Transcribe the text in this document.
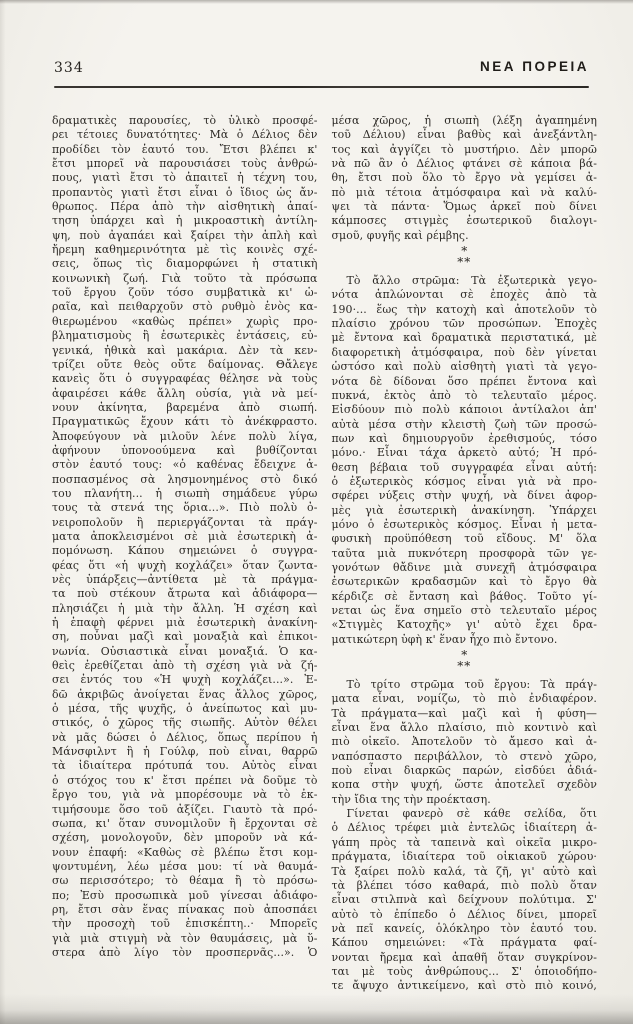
334	ΝΕΑ ΠΟΡΕΙΑ
δραματικὲς παρουσίες, τὸ ὑλικὸ προσφέ-
ρει τέτοιες δυνατότητες· Μὰ ὁ Δέλιος δὲν
προδίδει τὸν ἑαυτό του. Ἔτσι βλέπει κ'
ἔτσι μπορεῖ νὰ παρουσιάσει τοὺς ἀνθρώ-
πους, γιατὶ ἔτσι τὸ ἀπαιτεῖ ἡ τέχνη του,
προπαντὸς γιατὶ ἔτσι εἶναι ὁ ἴδιος ὡς ἄν-
θρωπος. Πέρα ἀπὸ τὴν αἰσθητικὴ ἀπαί-
τηση ὑπάρχει καὶ ἡ μικροαστικὴ ἀντίλη-
ψη, ποὺ ἀγαπάει καὶ ξαίρει τὴν ἁπλὴ καὶ
ἤρεμη καθημερινότητα μὲ τὶς κοινὲς σχέ-
σεις, ὅπως τὶς διαμορφώνει ἡ στατικὴ
κοινωνικὴ ζωή. Γιὰ τοῦτο τὰ πρόσωπα
τοῦ ἔργου ζοῦν τόσο συμβατικὰ κι' ὡ-
ραῖα, καὶ πειθαρχοῦν στὸ ρυθμὸ ἑνὸς κα-
θιερωμένου «καθὼς πρέπει» χωρὶς προ-
βληματισμοὺς ἢ ἐσωτερικὲς ἐντάσεις, εὐ-
γενικά, ἠθικὰ καὶ μακάρια. Δὲν τὰ κεν-
τρίζει οὔτε θεὸς οὔτε δαίμονας. Θἄλεγε
κανεὶς ὅτι ὁ συγγραφέας θέλησε νὰ τοὺς
ἀφαιρέσει κάθε ἄλλη οὐσία, γιὰ νὰ μεί-
νουν ἀκίνητα, βαρεμένα ἀπὸ σιωπή.
Πραγματικῶς ἔχουν κάτι τὸ ἀνέκφραστο.
Ἀποφεύγουν νὰ μιλοῦν λένε πολὺ λίγα,
ἀφήνουν ὑπονοούμενα καὶ βυθίζονται
στὸν ἑαυτό τους: «ὁ καθένας ἔδειχνε ἀ-
ποσπασμένος σὰ λησμονημένος στὸ δικό
του πλανήτη... ἡ σιωπὴ σημάδευε γύρω
τους τὰ στενά της ὅρια...». Πιὸ πολὺ ὀ-
νειροπολοῦν ἢ περιεργάζονται τὰ πράγ-
ματα ἀποκλεισμένοι σὲ μιὰ ἐσωτερικὴ ἀ-
πομόνωση. Κάπου σημειώνει ὁ συγγρα-
φέας ὅτι «ἡ ψυχὴ κοχλάζει» ὅταν ζωντα-
νὲς ὑπάρξεις—ἀντίθετα μὲ τὰ πράγμα-
τα ποὺ στέκουν ἄτρωτα καὶ ἀδιάφορα—
πλησιάζει ἡ μιὰ τὴν ἄλλη. Ἡ σχέση καὶ
ἡ ἐπαφὴ φέρνει μιὰ ἐσωτερικὴ ἀνακίνη-
ση, ποὖναι μαζὶ καὶ μοναξιὰ καὶ ἐπικοι-
νωνία. Οὐσιαστικὰ εἶναι μοναξιά. Ὁ κα-
θεὶς ἐρεθίζεται ἀπὸ τὴ σχέση γιὰ νὰ ζή-
σει ἐντός του «Ἡ ψυχὴ κοχλάζει...». Ἐ-
δῶ ἀκριβῶς ἀνοίγεται ἕνας ἄλλος χῶρος,
ὁ μέσα, τῆς ψυχῆς, ὁ ἀνείπωτος καὶ μυ-
στικός, ὁ χῶρος τῆς σιωπῆς. Αὐτὸν θέλει
νὰ μᾶς δώσει ὁ Δέλιος, ὅπως περίπου ἡ
Μάνσφιλντ ἢ ἡ Γούλφ, ποὺ εἶναι, θαρρῶ
τὰ ἰδιαίτερα πρότυπά του. Αὐτὸς εἶναι
ὁ στόχος του κ' ἔτσι πρέπει νὰ δοῦμε τὸ
ἔργο του, γιὰ νὰ μπορέσουμε νὰ τὸ ἐκ-
τιμήσουμε ὅσο τοῦ ἀξίζει. Γιαυτὸ τὰ πρό-
σωπα, κι' ὅταν συνομιλοῦν ἢ ἔρχονται σὲ
σχέση, μονολογοῦν, δὲν μποροῦν νὰ κά-
νουν ἐπαφή: «Καθὼς σὲ βλέπω ἔτσι κομ-
ψοντυμένη, λέω μέσα μου: τί νὰ θαυμά-
σω περισσότερο; τὸ θέαμα ἢ τὸ πρόσω-
πο; Ἐσὺ προσωπικὰ μοῦ γίνεσαι ἀδιάφο-
ρη, ἔτσι σὰν ἕνας πίνακας ποὺ ἀποσπάει
τὴν προσοχὴ τοῦ ἐπισκέπτη..· Μπορεῖς
γιὰ μιὰ στιγμὴ νὰ τὸν θαυμάσεις, μὰ ὕ-
στερα ἀπὸ λίγο τὸν προσπερνᾶς...». Ὁ
μέσα χῶρος, ἡ σιωπὴ (λέξη ἀγαπημένη
τοῦ Δέλιου) εἶναι βαθὺς καὶ ἀνεξάντλη-
τος καὶ ἀγγίζει τὸ μυστήριο. Δὲν μπορῶ
νὰ πῶ ἂν ὁ Δέλιος φτάνει σὲ κάποια βά-
θη, ἔτσι ποὺ ὅλο τὸ ἔργο νὰ γεμίσει ἀ-
πὸ μιὰ τέτοια ἀτμόσφαιρα καὶ νὰ καλύ-
ψει τὰ πάντα· Ὅμως ἀρκεῖ ποὺ δίνει
κάμποσες στιγμὲς ἐσωτερικοῦ διαλογι-
σμοῦ, φυγῆς καὶ ρέμβης.
*
**
Τὸ ἄλλο στρῶμα: Τὰ ἐξωτερικὰ γεγο-
νότα ἁπλώνονται σὲ ἐποχὲς ἀπὸ τὰ
190·... ἕως τὴν κατοχὴ καὶ ἀποτελοῦν τὸ
πλαίσιο χρόνου τῶν προσώπων. Ἐποχὲς
μὲ ἔντονα καὶ δραματικὰ περιστατικά, μὲ
διαφορετικὴ ἀτμόσφαιρα, ποὺ δὲν γίνεται
ὡστόσο καὶ πολὺ αἰσθητὴ γιατὶ τὰ γεγο-
νότα δὲ δίδοναι ὅσο πρέπει ἔντονα καὶ
πυκνά, ἐκτὸς ἀπὸ τὸ τελευταῖο μέρος.
Εἰσδύουν πιὸ πολὺ κάποιοι ἀντίλαλοι ἀπ'
αὐτὰ μέσα στὴν κλειστὴ ζωὴ τῶν προσώ-
πων καὶ δημιουργοῦν ἐρεθισμούς, τόσο
μόνο.· Εἶναι τάχα ἀρκετὸ αὐτό; Ἡ πρό-
θεση βέβαια τοῦ συγγραφέα εἶναι αὐτή:
ὁ ἐξωτερικὸς κόσμος εἶναι γιὰ νὰ προ-
σφέρει νύξεις στὴν ψυχή, νὰ δίνει ἀφορ-
μὲς γιὰ ἐσωτερικὴ ἀνακίνηση. Ὑπάρχει
μόνο ὁ ἐσωτερικὸς κόσμος. Εἶναι ἡ μετα-
φυσικὴ προϋπόθεση τοῦ εἴδους. Μ' ὅλα
ταῦτα μιὰ πυκνότερη προσφορὰ τῶν γε-
γονότων θἄδινε μιὰ συνεχῆ ἀτμόσφαιρα
ἐσωτερικῶν κραδασμῶν καὶ τὸ ἔργο θὰ
κέρδιζε σὲ ἔνταση καὶ βάθος. Τοῦτο γί-
νεται ὡς ἕνα σημεῖο στὸ τελευταῖο μέρος
«Στιγμὲς Κατοχῆς» γι' αὐτὸ ἔχει δρα-
ματικώτερη ὑφὴ κ' ἕναν ἦχο πιὸ ἔντονο.
*
**
Τὸ τρίτο στρῶμα τοῦ ἔργου: Τὰ πράγ-
ματα εἶναι, νομίζω, τὸ πιὸ ἐνδιαφέρον.
Τὰ πράγματα—καὶ μαζὶ καὶ ἡ φύση—
εἶναι ἕνα ἄλλο πλαίσιο, πιὸ κοντινὸ καὶ
πιὸ οἰκεῖο. Ἀποτελοῦν τὸ ἄμεσο καὶ ἀ-
ναπόσπαστο περιβάλλον, τὸ στενὸ χῶρο,
ποὺ εἶναι διαρκῶς παρών, εἰσδύει ἀδιά-
κοπα στὴν ψυχή, ὥστε ἀποτελεῖ σχεδὸν
τὴν ἴδια της τὴν προέκταση.
Γίνεται φανερὸ σὲ κάθε σελίδα, ὅτι
ὁ Δέλιος τρέφει μιὰ ἐντελῶς ἰδιαίτερη ἀ-
γάπη πρὸς τὰ ταπεινὰ καὶ οἰκεῖα μικρο-
πράγματα, ἰδιαίτερα τοῦ οἰκιακοῦ χώρου·
Τὰ ξαίρει πολὺ καλά, τὰ ζῆ, γι' αὐτὸ καὶ
τὰ βλέπει τόσο καθαρά, πιὸ πολὺ ὅταν
εἶναι στιλπνὰ καὶ δείχνουν πολύτιμα. Σ'
αὐτὸ τὸ ἐπίπεδο ὁ Δέλιος δίνει, μπορεῖ
νὰ πεῖ κανείς, ὁλόκληρο τὸν ἑαυτό του.
Κάπου σημειώνει: «Τὰ πράγματα φαί-
νονται ἤρεμα καὶ ἀπαθῆ ὅταν συγκρίνον-
ται μὲ τοὺς ἀνθρώπους... Σ' ὁποιοδήπο-
τε ἄψυχο ἀντικείμενο, καὶ στὸ πιὸ κοινό,
